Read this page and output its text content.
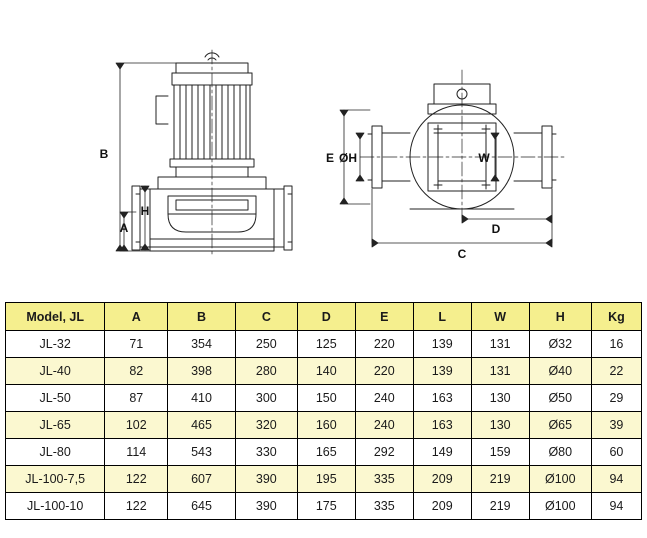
B
A
H
E ØH	W
D
C
Model, JL	A	B	C	D	E	L	W	H	Kg
JL-32	71	354	250	125	220	139	131	Ø32	16
JL-40	82	398	280	140	220	139	131	Ø40	22
JL-50	87	410	300	150	240	163	130	Ø50	29
JL-65	102	465	320	160	240	163	130	Ø65	39
JL-80	114	543	330	165	292	149	159	Ø80	60
JL-100-7,5	122	607	390	195	335	209	219	Ø100	94
JL-100-10	122	645	390	175	335	209	219	Ø100	94
